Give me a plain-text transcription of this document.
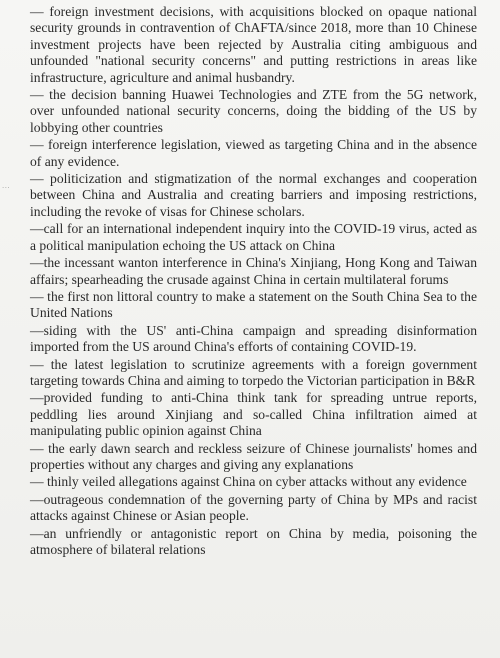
···

— foreign investment decisions, with acquisitions blocked on opaque national security grounds in contravention of ChAFTA/since 2018, more than 10 Chinese investment projects have been rejected by Australia citing ambiguous and unfounded "national security concerns" and putting restrictions in areas like infrastructure, agriculture and animal husbandry.

— the decision banning Huawei Technologies and ZTE from the 5G network, over unfounded national security concerns, doing the bidding of the US by lobbying other countries

— foreign interference legislation, viewed as targeting China and in the absence of any evidence.

— politicization and stigmatization of the normal exchanges and cooperation between China and Australia and creating barriers and imposing restrictions, including the revoke of visas for Chinese scholars.

—call for an international independent inquiry into the COVID-19 virus, acted as a political manipulation echoing the US attack on China

—the incessant wanton interference in China's Xinjiang, Hong Kong and Taiwan affairs; spearheading the crusade against China in certain multilateral forums

— the first non littoral country to make a statement on the South China Sea to the United Nations

—siding with the US' anti-China campaign and spreading disinformation imported from the US around China's efforts of containing COVID-19.

— the latest legislation to scrutinize agreements with a foreign government targeting towards China and aiming to torpedo the Victorian participation in B&R

—provided funding to anti-China think tank for spreading untrue reports, peddling lies around Xinjiang and so-called China infiltration aimed at manipulating public opinion against China

— the early dawn search and reckless seizure of Chinese journalists' homes and properties without any charges and giving any explanations

— thinly veiled allegations against China on cyber attacks without any evidence

—outrageous condemnation of the governing party of China by MPs and racist attacks against Chinese or Asian people.

—an unfriendly or antagonistic report on China by media, poisoning the atmosphere of bilateral relations
